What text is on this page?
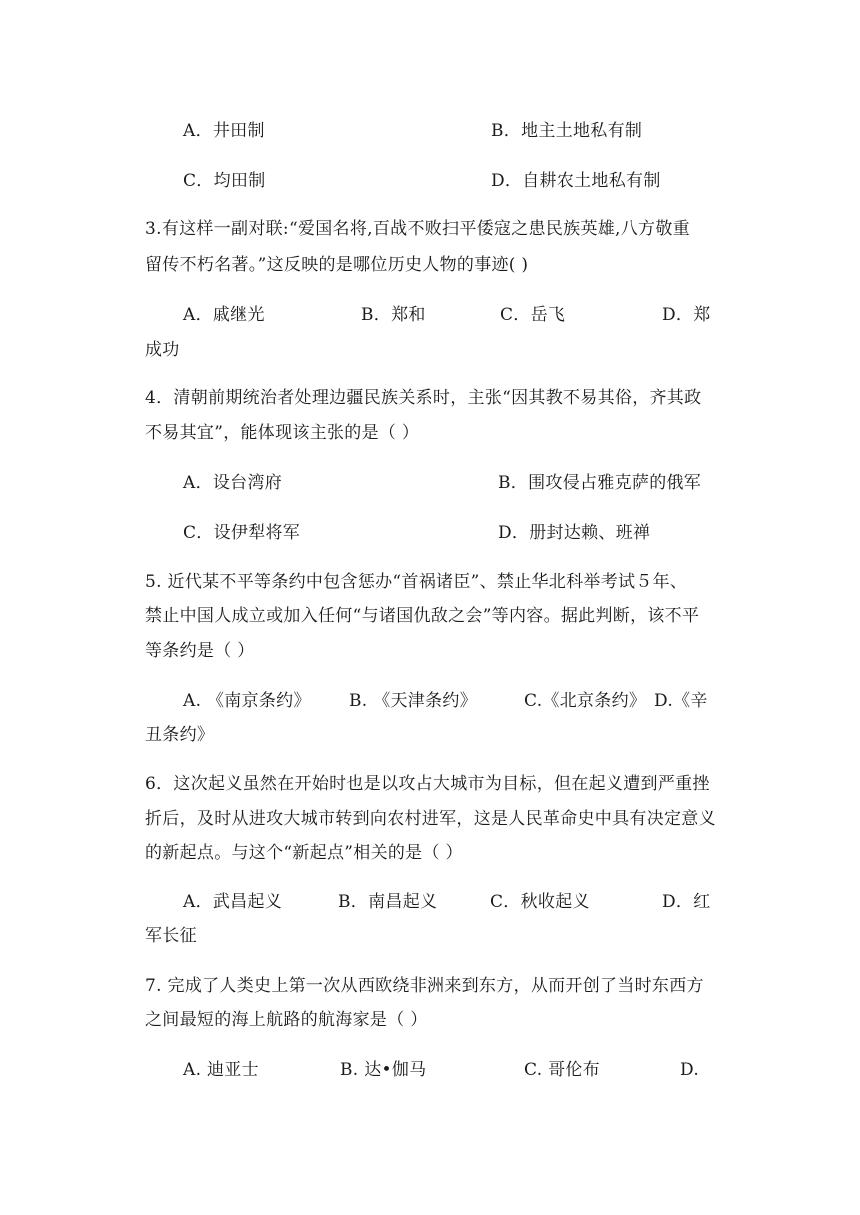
A．井田制	B．地主土地私有制
C．均田制	D．自耕农土地私有制
3.有这样一副对联:“爱国名将,百战不败扫平倭寇之患民族英雄,八方敬重
留传不朽名著。”这反映的是哪位历史人物的事迹( )
A．戚继光	B．郑和	C．岳飞	D．郑
成功
4．清朝前期统治者处理边疆民族关系时，主张“因其教不易其俗，齐其政
不易其宜”，能体现该主张的是（ ）
A．设台湾府	B．围攻侵占雅克萨的俄军
C．设伊犁将军	D．册封达赖、班禅
5. 近代某不平等条约中包含惩办“首祸诸臣”、禁止华北科举考试５年、
禁止中国人成立或加入任何“与诸国仇敌之会”等内容。据此判断，该不平
等条约是（ ）
A. 《南京条约》 B. 《天津条约》	C.《北京条约》 D.《辛
丑条约》
6．这次起义虽然在开始时也是以攻占大城市为目标，但在起义遭到严重挫
折后，及时从进攻大城市转到向农村进军，这是人民革命史中具有决定意义
的新起点。与这个“新起点”相关的是（ ）
A．武昌起义	B．南昌起义	C．秋收起义	D．红
军长征
7. 完成了人类史上第一次从西欧绕非洲来到东方，从而开创了当时东西方
之间最短的海上航路的航海家是（ ）
A. 迪亚士	B. 达•伽马	C. 哥伦布	D.
